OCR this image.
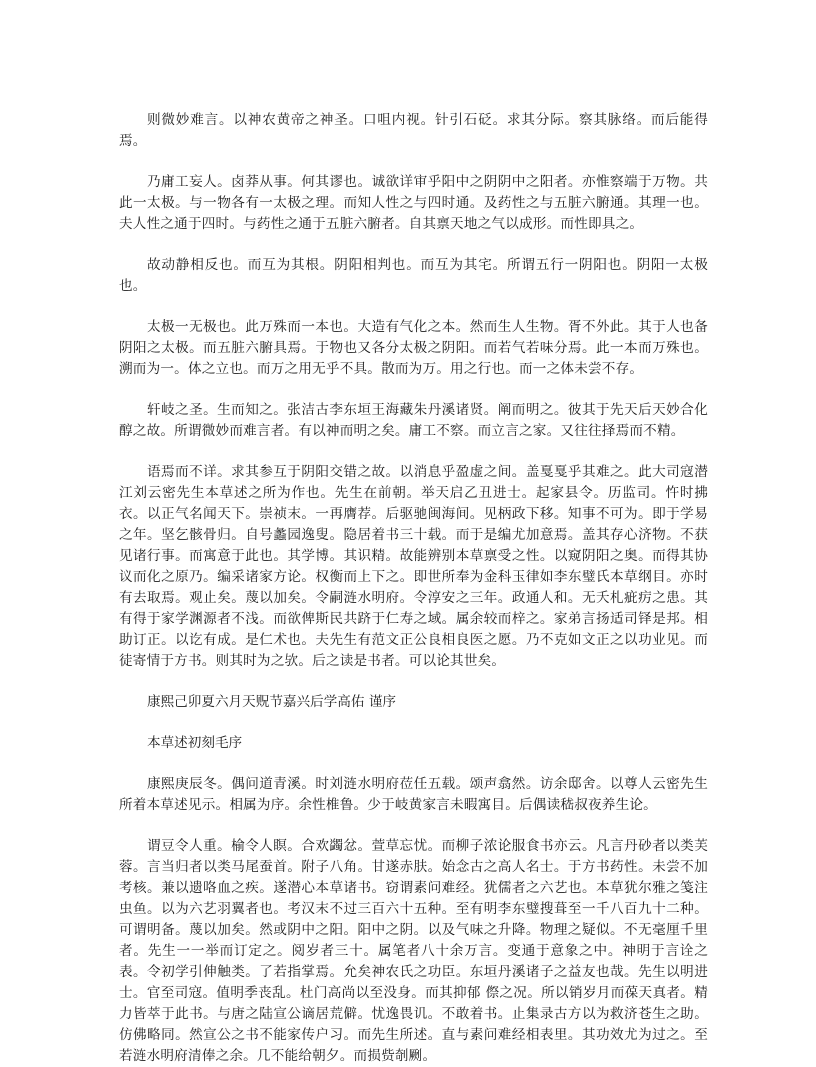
则微妙难言。以神农黄帝之神圣。口咀内视。针引石砭。求其分际。察其脉络。而后能得焉。

乃庸工妄人。卤莽从事。何其谬也。诚欲详审乎阳中之阴阴中之阳者。亦惟察端于万物。共此一太极。与一物各有一太极之理。而知人性之与四时通。及药性之与五脏六腑通。其理一也。夫人性之通于四时。与药性之通于五脏六腑者。自其禀天地之气以成形。而性即具之。

故动静相反也。而互为其根。阴阳相判也。而互为其宅。所谓五行一阴阳也。阴阳一太极也。

太极一无极也。此万殊而一本也。大造有气化之本。然而生人生物。胥不外此。其于人也备阴阳之太极。而五脏六腑具焉。于物也又各分太极之阴阳。而若气若味分焉。此一本而万殊也。溯而为一。体之立也。而万之用无乎不具。散而为万。用之行也。而一之体未尝不存。

轩岐之圣。生而知之。张洁古李东垣王海藏朱丹溪诸贤。阐而明之。彼其于先天后天妙合化醇之故。所谓微妙而难言者。有以神而明之矣。庸工不察。而立言之家。又往往择焉而不精。

语焉而不详。求其参互于阴阳交错之故。以消息乎盈虚之间。盖戛戛乎其难之。此大司寇潜江刘云密先生本草述之所为作也。先生在前朝。举天启乙丑进士。起家县令。历监司。忤时拂衣。以正气名闻天下。崇祯末。一再膺荐。后驱驰闽海间。见柄政下移。知事不可为。即于学易之年。坚乞骸骨归。自号蠡园逸叟。隐居着书三十载。而于是编尤加意焉。盖其存心济物。不获见诸行事。而寓意于此也。其学博。其识精。故能辨别本草禀受之性。以窥阴阳之奥。而得其协议而化之原乃。编采诸家方论。权衡而上下之。即世所奉为金科玉律如李东璧氏本草纲目。亦时有去取焉。观止矣。蔑以加矣。令嗣涟水明府。令淳安之三年。政通人和。无夭札疵疠之患。其有得于家学渊源者不浅。而欲俾斯民共跻于仁寿之域。属余较而梓之。家弟言扬适司铎是邦。相助订正。以讫有成。是仁术也。夫先生有范文正公良相良医之愿。乃不克如文正之以功业见。而徒寄情于方书。则其时为之欤。后之读是书者。可以论其世矣。

康熙己卯夏六月天贶节嘉兴后学高佑 谨序

本草述初刻毛序

康熙庚辰冬。偶问道青溪。时刘涟水明府莅任五载。颂声翕然。访余邸舍。以尊人云密先生所着本草述见示。相属为序。余性椎鲁。少于岐黄家言未暇寓目。后偶读嵇叔夜养生论。

谓豆令人重。榆令人瞑。合欢蠲忿。萱草忘忧。而柳子浓论服食书亦云。凡言丹砂者以类芙蓉。言当归者以类马尾蚕首。附子八角。甘遂赤肤。始念古之高人名士。于方书药性。未尝不加考核。兼以遗咯血之疾。遂潜心本草诸书。窃谓素问难经。犹儒者之六艺也。本草犹尔雅之笺注虫鱼。以为六艺羽翼者也。考汉末不过三百六十五种。至有明李东璧搜葺至一千八百九十二种。可谓明备。蔑以加矣。然或阴中之阳。阳中之阴。以及气味之升降。物理之疑似。不无毫厘千里者。先生一一举而订定之。阅岁者三十。属笔者八十余万言。变通于意象之中。神明于言诠之表。令初学引伸触类。了若指掌焉。允矣神农氏之功臣。东垣丹溪诸子之益友也哉。先生以明进士。官至司寇。值明季丧乱。杜门高尚以至没身。而其抑郁 傺之况。所以销岁月而葆天真者。精力皆萃于此书。与唐之陆宣公谪居荒僻。忧逸畏讥。不敢着书。止集录古方以为救济苍生之助。仿佛略同。然宣公之书不能家传户习。而先生所述。直与素问难经相表里。其功效尤为过之。至若涟水明府清俸之余。几不能给朝夕。而损赀剞劂。
